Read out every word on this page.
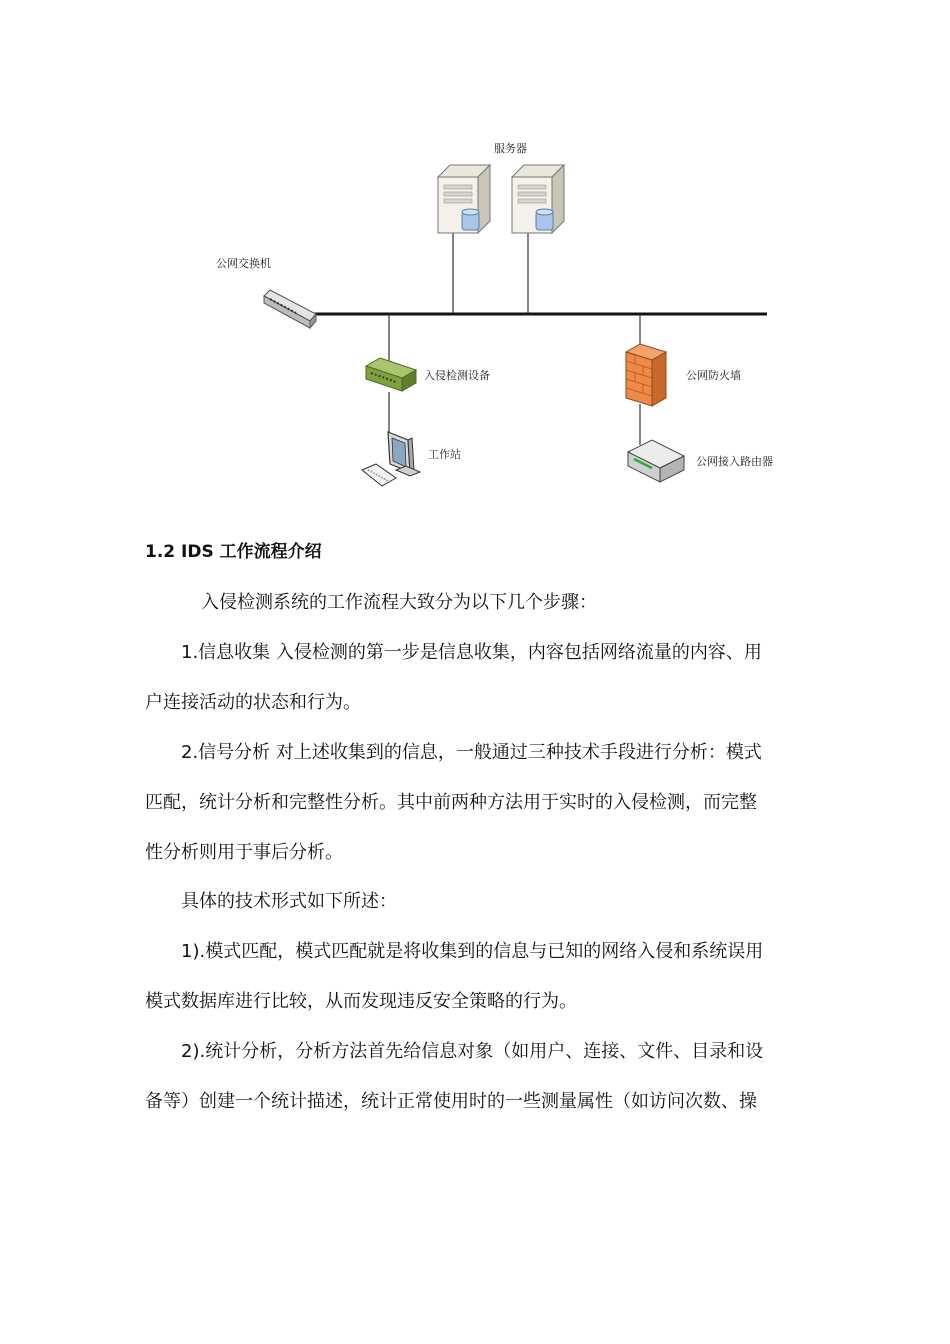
服务器
公网交换机
入侵检测设备	公网防火墙
工作站
公网接入路由器
1.2 IDS 工作流程介绍

入侵检测系统的工作流程大致分为以下几个步骤：

1.信息收集 入侵检测的第一步是信息收集，内容包括网络流量的内容、用

户连接活动的状态和行为。

2.信号分析 对上述收集到的信息，一般通过三种技术手段进行分析：模式

匹配，统计分析和完整性分析。其中前两种方法用于实时的入侵检测，而完整

性分析则用于事后分析。

具体的技术形式如下所述：

1).模式匹配，模式匹配就是将收集到的信息与已知的网络入侵和系统误用

模式数据库进行比较，从而发现违反安全策略的行为。

2).统计分析，分析方法首先给信息对象（如用户、连接、文件、目录和设

备等）创建一个统计描述，统计正常使用时的一些测量属性（如访问次数、操
